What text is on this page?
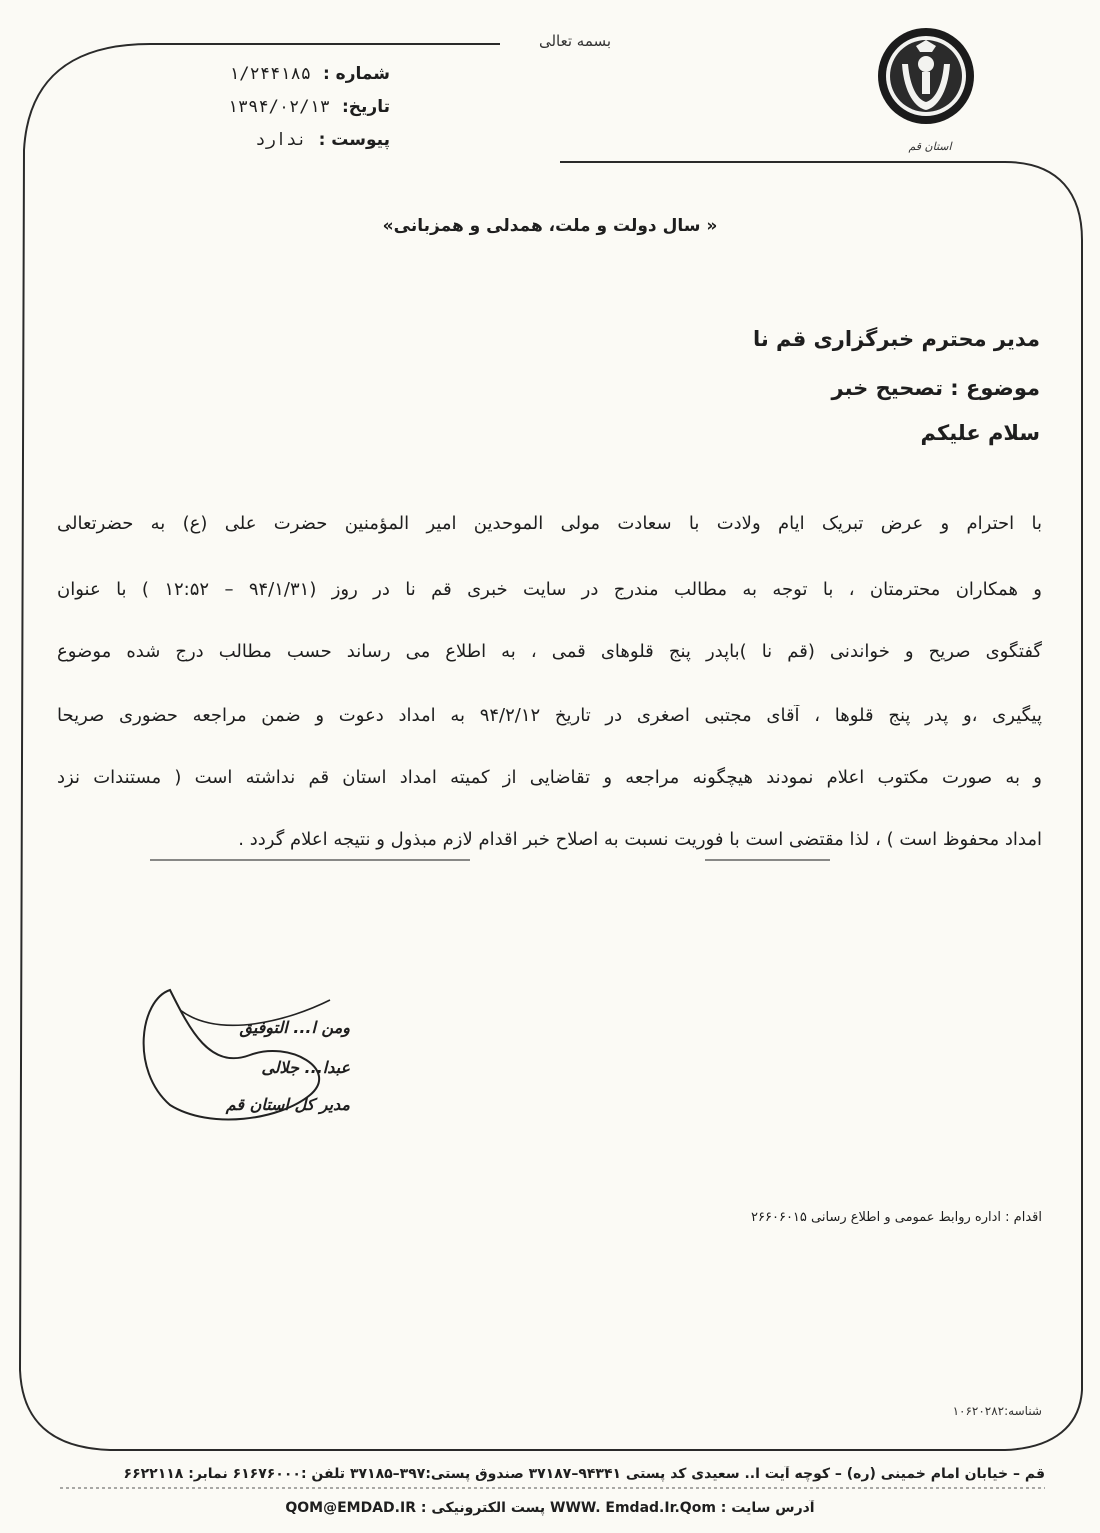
بسمه تعالی
شماره :۱/۲۴۴۱۸۵
تاریخ:۱۳۹۴/۰۲/۱۳
پیوست :ندارد	استان قم
« سال دولت و ملت، همدلی و همزبانی»
مدیر محترم خبرگزاری قم نا
موضوع : تصحیح خبر
سلام علیکم
با احترام و عرض تبریک ایام ولادت با سعادت مولی الموحدین امیر المؤمنین حضرت علی (ع) به حضرتعالی
و همکاران محترمتان ، با توجه به مطالب مندرج در سایت خبری قم نا در روز (۹۴/۱/۳۱ – ۱۲:۵۲ ) با عنوان
گفتگوی صریح و خواندنی (قم نا )باپدر پنج قلوهای قمی ، به اطلاع می رساند حسب مطالب درج شده موضوع
پیگیری ،و پدر پنج قلوها ، آقای مجتبی اصغری در تاریخ ۹۴/۲/۱۲ به امداد دعوت و ضمن مراجعه حضوری صریحا
و به صورت مکتوب اعلام نمودند هیچگونه مراجعه و تقاضایی از کمیته امداد استان قم نداشته است ( مستندات نزد
امداد محفوظ است ) ، لذا مقتضی است با فوریت نسبت به اصلاح خبر اقدام لازم مبذول و نتیجه اعلام گردد .
ومن ا... التوفیق
عبدا... جلالی
مدیر کل استان قم
اقدام : اداره روابط عمومی و اطلاع رسانی ۲۶۶۰۶۰۱۵
شناسه:۱۰۶۲۰۲۸۲
قم – خیابان امام خمینی (ره) – کوچه آیت ا.. سعیدی کد پستی ۹۴۳۴۱–۳۷۱۸۷ صندوق پستی:۳۹۷–۳۷۱۸۵ تلفن :۶۱۶۷۶۰۰۰ نمابر: ۶۶۲۲۱۱۸
آدرس سایت : WWW. Emdad.Ir.Qom پست الکترونیکی : QOM@EMDAD.IR
